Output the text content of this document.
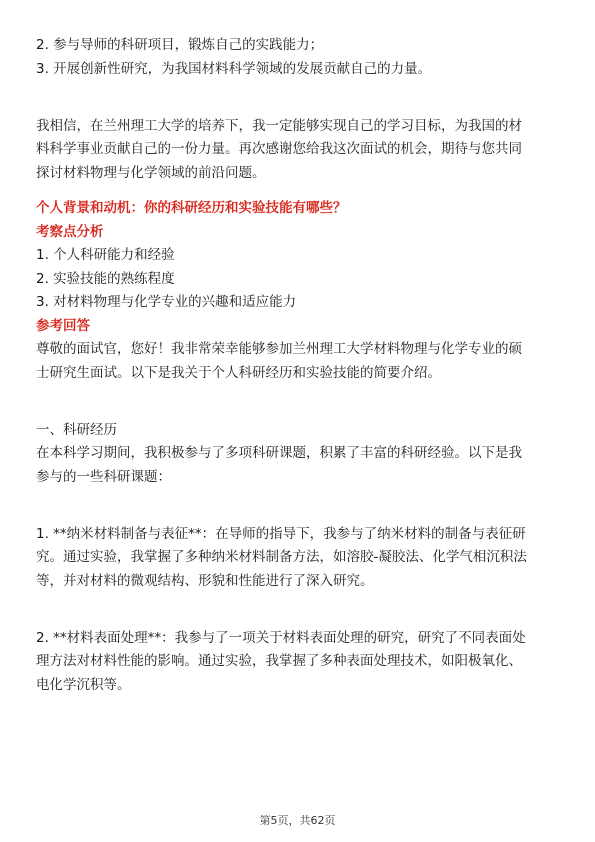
2. 参与导师的科研项目，锻炼自己的实践能力；

3. 开展创新性研究，为我国材料科学领域的发展贡献自己的力量。

我相信，在兰州理工大学的培养下，我一定能够实现自己的学习目标，为我国的材

料科学事业贡献自己的一份力量。再次感谢您给我这次面试的机会，期待与您共同

探讨材料物理与化学领域的前沿问题。

个人背景和动机：你的科研经历和实验技能有哪些？

考察点分析

1. 个人科研能力和经验

2. 实验技能的熟练程度

3. 对材料物理与化学专业的兴趣和适应能力

参考回答

尊敬的面试官，您好！我非常荣幸能够参加兰州理工大学材料物理与化学专业的硕

士研究生面试。以下是我关于个人科研经历和实验技能的简要介绍。

一、科研经历

在本科学习期间，我积极参与了多项科研课题，积累了丰富的科研经验。以下是我

参与的一些科研课题：

1. **纳米材料制备与表征**：在导师的指导下，我参与了纳米材料的制备与表征研

究。通过实验，我掌握了多种纳米材料制备方法，如溶胶-凝胶法、化学气相沉积法

等，并对材料的微观结构、形貌和性能进行了深入研究。

2. **材料表面处理**：我参与了一项关于材料表面处理的研究，研究了不同表面处

理方法对材料性能的影响。通过实验，我掌握了多种表面处理技术，如阳极氧化、

电化学沉积等。

第5页，共62页
